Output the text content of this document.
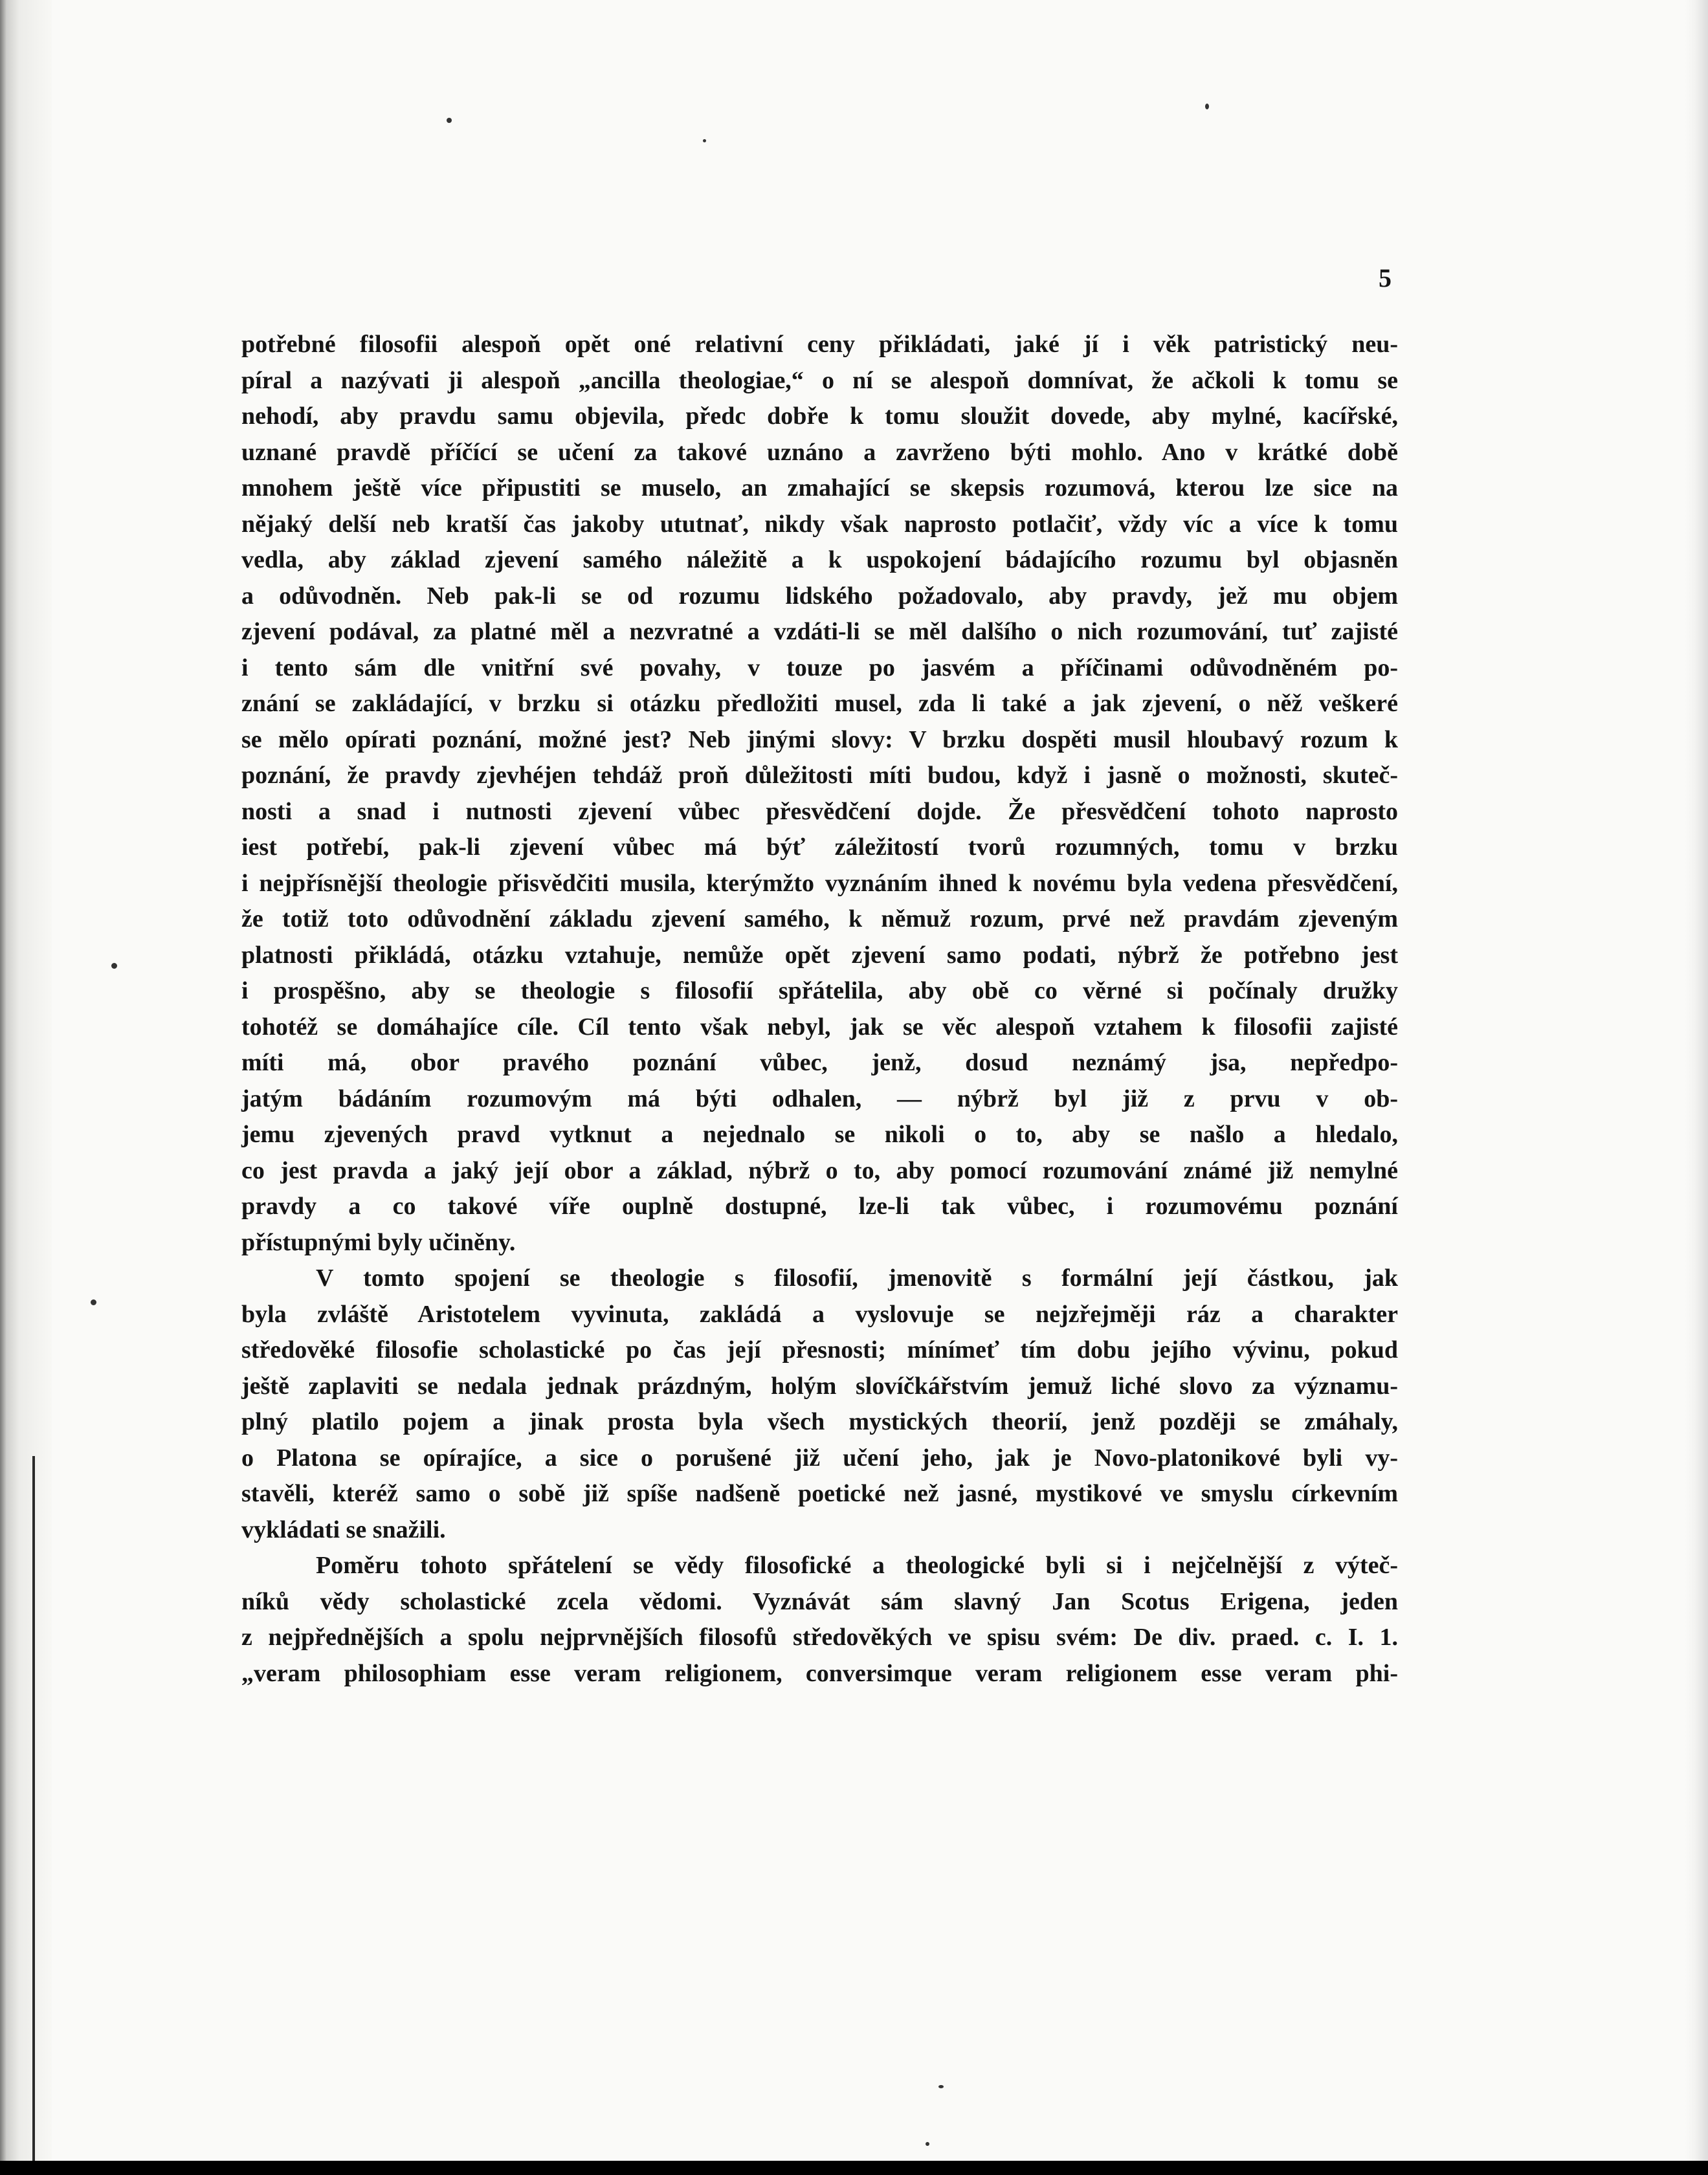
5
potřebné filosofii alespoň opět oné relativní ceny přikládati, jaké jí i věk patristický neu-
píral a nazývati ji alespoň „ancilla theologiae,“ o ní se alespoň domnívat, že ačkoli k tomu se
nehodí, aby pravdu samu objevila, předc dobře k tomu sloužit dovede, aby mylné, kacířské,
uznané pravdě příčící se učení za takové uznáno a zavrženo býti mohlo. Ano v krátké době
mnohem ještě více připustiti se muselo, an zmahající se skepsis rozumová, kterou lze sice na
nějaký delší neb kratší čas jakoby ututnať, nikdy však naprosto potlačiť, vždy víc a více k tomu
vedla, aby základ zjevení samého náležitě a k uspokojení bádajícího rozumu byl objasněn
a odůvodněn. Neb pak-li se od rozumu lidského požadovalo, aby pravdy, jež mu objem
zjevení podával, za platné měl a nezvratné a vzdáti-li se měl dalšího o nich rozumování, tuť zajisté
i tento sám dle vnitřní své povahy, v touze po jasvém a příčinami odůvodněném po-
znání se zakládající, v brzku si otázku předložiti musel, zda li také a jak zjevení, o něž veškeré
se mělo opírati poznání, možné jest? Neb jinými slovy: V brzku dospěti musil hloubavý rozum k
poznání, že pravdy zjevhéjen tehdáž proň důležitosti míti budou, když i jasně o možnosti, skuteč-
nosti a snad i nutnosti zjevení vůbec přesvědčení dojde. Že přesvědčení tohoto naprosto
iest potřebí, pak-li zjevení vůbec má býť záležitostí tvorů rozumných, tomu v brzku
i nejpřísnější theologie přisvědčiti musila, kterýmžto vyznáním ihned k novému byla vedena přesvědčení,
že totiž toto odůvodnění základu zjevení samého, k němuž rozum, prvé než pravdám zjeveným
platnosti přikládá, otázku vztahuje, nemůže opět zjevení samo podati, nýbrž že potřebno jest
i prospěšno, aby se theologie s filosofií spřátelila, aby obě co věrné si počínaly družky
tohotéž se domáhajíce cíle. Cíl tento však nebyl, jak se věc alespoň vztahem k filosofii zajisté
míti má, obor pravého poznání vůbec, jenž, dosud neznámý jsa, nepředpo-
jatým bádáním rozumovým má býti odhalen, — nýbrž byl již z prvu v ob-
jemu zjevených pravd vytknut a nejednalo se nikoli o to, aby se našlo a hledalo,
co jest pravda a jaký její obor a základ, nýbrž o to, aby pomocí rozumování známé již nemylné
pravdy a co takové víře ouplně dostupné, lze-li tak vůbec, i rozumovému poznání
přístupnými byly učiněny.
V tomto spojení se theologie s filosofií, jmenovitě s formální její částkou, jak
byla zvláště Aristotelem vyvinuta, zakládá a vyslovuje se nejzřejměji ráz a charakter
středověké filosofie scholastické po čas její přesnosti; mínímeť tím dobu jejího vývinu, pokud
ještě zaplaviti se nedala jednak prázdným, holým slovíčkářstvím jemuž liché slovo za významu-
plný platilo pojem a jinak prosta byla všech mystických theorií, jenž později se zmáhaly,
o Platona se opírajíce, a sice o porušené již učení jeho, jak je Novo-platonikové byli vy-
stavěli, kteréž samo o sobě již spíše nadšeně poetické než jasné, mystikové ve smyslu církevním
vykládati se snažili.
Poměru tohoto spřátelení se vědy filosofické a theologické byli si i nejčelnější z výteč-
níků vědy scholastické zcela vědomi. Vyznávát sám slavný Jan Scotus Erigena, jeden
z nejpřednějších a spolu nejprvnějších filosofů středověkých ve spisu svém: De div. praed. c. I. 1.
„veram philosophiam esse veram religionem, conversimque veram religionem esse veram phi-
